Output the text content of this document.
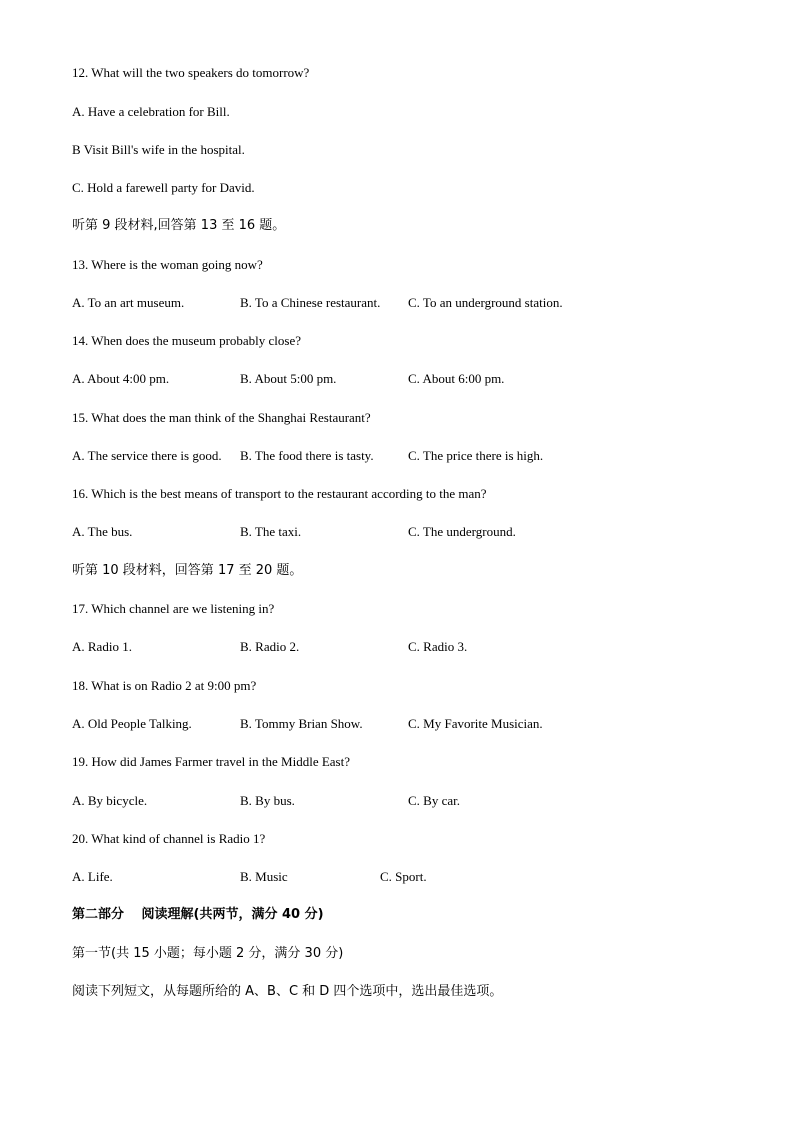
12. What will the two speakers do tomorrow?
A. Have a celebration for Bill.
B Visit Bill's wife in the hospital.
C. Hold a farewell party for David.
听第 9 段材料,回答第 13 至 16 题。
13. Where is the woman going now?
A. To an art museum.	B. To a Chinese restaurant. C. To an underground station.
14. When does the museum probably close?
A. About 4:00 pm.	B. About 5:00 pm.	C. About 6:00 pm.
15. What does the man think of the Shanghai Restaurant?
A. The service there is good. B. The food there is tasty.	C. The price there is high.
16. Which is the best means of transport to the restaurant according to the man?
A. The bus.	B. The taxi.	C. The underground.
听第 10 段材料，回答第 17 至 20 题。
17. Which channel are we listening in?
A. Radio 1.	B. Radio 2.	C. Radio 3.
18. What is on Radio 2 at 9:00 pm?
A. Old People Talking.	B. Tommy Brian Show.	C. My Favorite Musician.
19. How did James Farmer travel in the Middle East?
A. By bicycle.	B. By bus.	C. By car.
20. What kind of channel is Radio 1?
A. Life.	B. Music	C. Sport.
第二部分　 阅读理解(共两节，满分 40 分)
第一节(共 15 小题；每小题 2 分，满分 30 分)
阅读下列短文，从每题所给的 A、B、C 和 D 四个选项中，选出最佳选项。
